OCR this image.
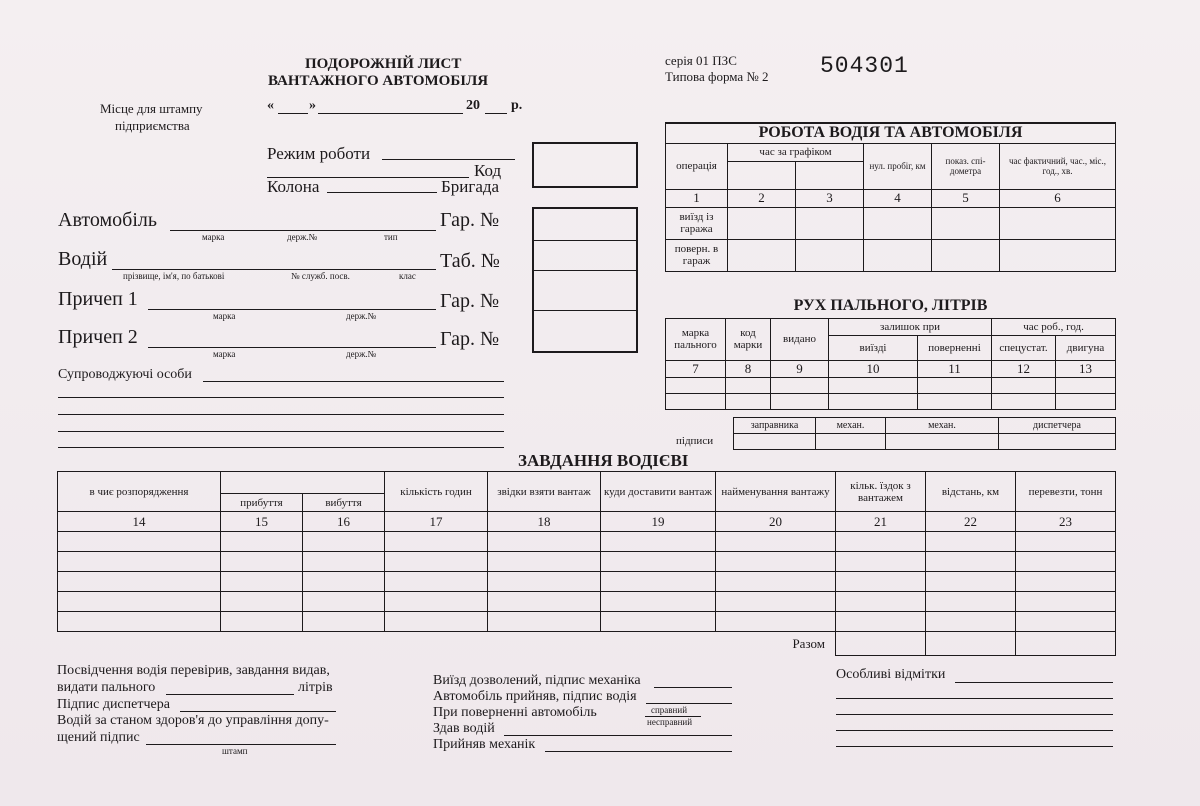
ПОДОРОЖНІЙ ЛИСТ
ВАНТАЖНОГО АВТОМОБІЛЯ
серія 01 ПЗС
Типова форма № 2 504301
Місце для штампу
підприємства
«	»	20 р.
Режим роботи
Код
Колона	Бригада
Автомобіль	Гар. №
марка	держ.№	тип
Водій	Таб. №
прізвище, ім'я, по батькові	№ служб. посв.	клас
Причеп 1	Гар. №
марка	держ.№
Причеп 2	Гар. №
марка	держ.№
Супроводжуючі особи
РОБОТА ВОДІЯ ТА АВТОМОБІЛЯ					
операція	час за графіком		нул. пробіг, км	показ. спі-дометра	час фактичний, час., міс., год., хв.

1	2	3	4	5	6
виїзд із гаражa					
поверн. в гараж					
РУХ ПАЛЬНОГО, ЛІТРІВ						
марка пального	код марки	видано	залишок при		час роб., год.	
			виїзді	поверненні	спецустат.	двигуна
7	8	9	10	11	12	13

підписи
заправника	механ.	механ.	диспетчера

ЗАВДАННЯ ВОДІЄВІ
в чиє розпорядження			кількість годин	звідки взяти вантаж	куди доставити вантаж	найменування вантажу	кільк. їздок з вантажем	відстань, км	перевезти, тонн
	прибуття	вибуття							
14	15	16	17	18	19	20	21	22	23

Разом									
Посвідчення водія перевірив, завдання видав,
видати пального	літрів
Підпис диспетчера
Водій за станом здоров'я до управління допу-
щений підпис
штамп
Виїзд дозволений, підпис механіка
Автомобіль прийняв, підпис водія
При поверненні автомобіль	справний
несправний
Здав водій
Прийняв механік
Особливі відмітки
